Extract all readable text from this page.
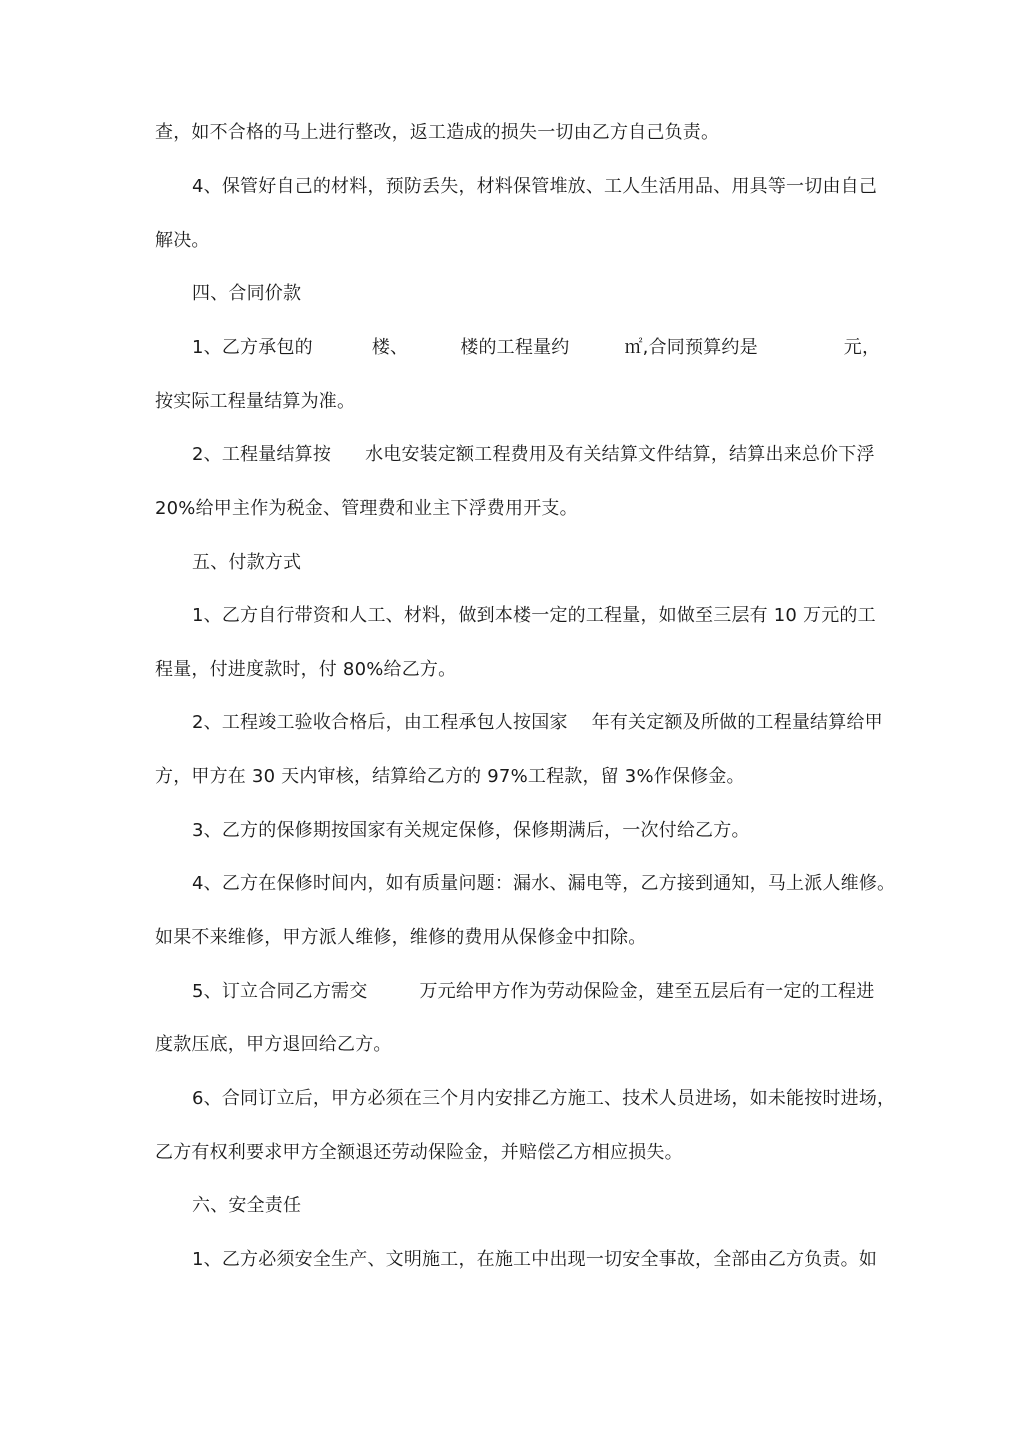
查，如不合格的马上进行整改，返工造成的损失一切由乙方自己负责。
4、保管好自己的材料，预防丢失，材料保管堆放、工人生活用品、用具等一切由自己
解决。
四、合同价款
1、乙方承包的	楼、	楼的工程量约	㎡,合同预算约是	元，
按实际工程量结算为准。
2、工程量结算按 水电安装定额工程费用及有关结算文件结算，结算出来总价下浮
20%给甲主作为税金、管理费和业主下浮费用开支。
五、付款方式
1、乙方自行带资和人工、材料，做到本楼一定的工程量，如做至三层有 10 万元的工
程量，付进度款时，付 80%给乙方。
2、工程竣工验收合格后，由工程承包人按国家 年有关定额及所做的工程量结算给甲
方，甲方在 30 天内审核，结算给乙方的 97%工程款，留 3%作保修金。
3、乙方的保修期按国家有关规定保修，保修期满后，一次付给乙方。
4、乙方在保修时间内，如有质量问题：漏水、漏电等，乙方接到通知，马上派人维修。
如果不来维修，甲方派人维修，维修的费用从保修金中扣除。
5、订立合同乙方需交	万元给甲方作为劳动保险金，建至五层后有一定的工程进
度款压底，甲方退回给乙方。
6、合同订立后，甲方必须在三个月内安排乙方施工、技术人员进场，如未能按时进场，
乙方有权利要求甲方全额退还劳动保险金，并赔偿乙方相应损失。
六、安全责任
1、乙方必须安全生产、文明施工，在施工中出现一切安全事故，全部由乙方负责。如
